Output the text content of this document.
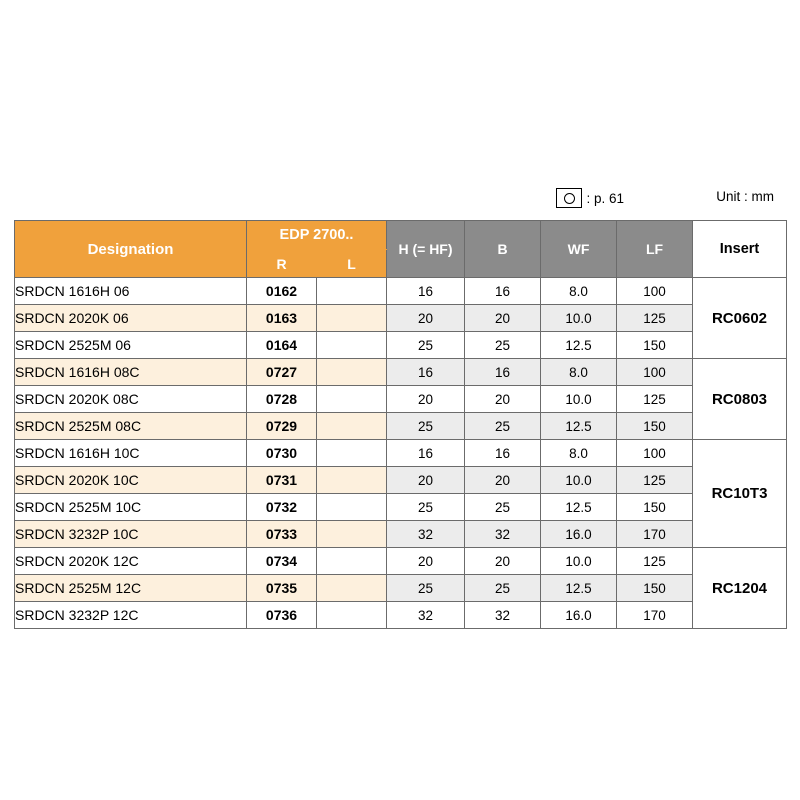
: p. 61	Unit : mm
Designation	EDP 2700..		H (= HF)	B	WF	LF	Insert
	R	L					
SRDCN 1616H 06	0162		16	16	8.0	100	RC0602
SRDCN 2020K 06	0163		20	20	10.0	125	
SRDCN 2525M 06	0164		25	25	12.5	150	
SRDCN 1616H 08C	0727		16	16	8.0	100	RC0803
SRDCN 2020K 08C	0728		20	20	10.0	125	
SRDCN 2525M 08C	0729		25	25	12.5	150	
SRDCN 1616H 10C	0730		16	16	8.0	100	RC10T3
SRDCN 2020K 10C	0731		20	20	10.0	125	
SRDCN 2525M 10C	0732		25	25	12.5	150	
SRDCN 3232P 10C	0733		32	32	16.0	170	
SRDCN 2020K 12C	0734		20	20	10.0	125	RC1204
SRDCN 2525M 12C	0735		25	25	12.5	150	
SRDCN 3232P 12C	0736		32	32	16.0	170	
